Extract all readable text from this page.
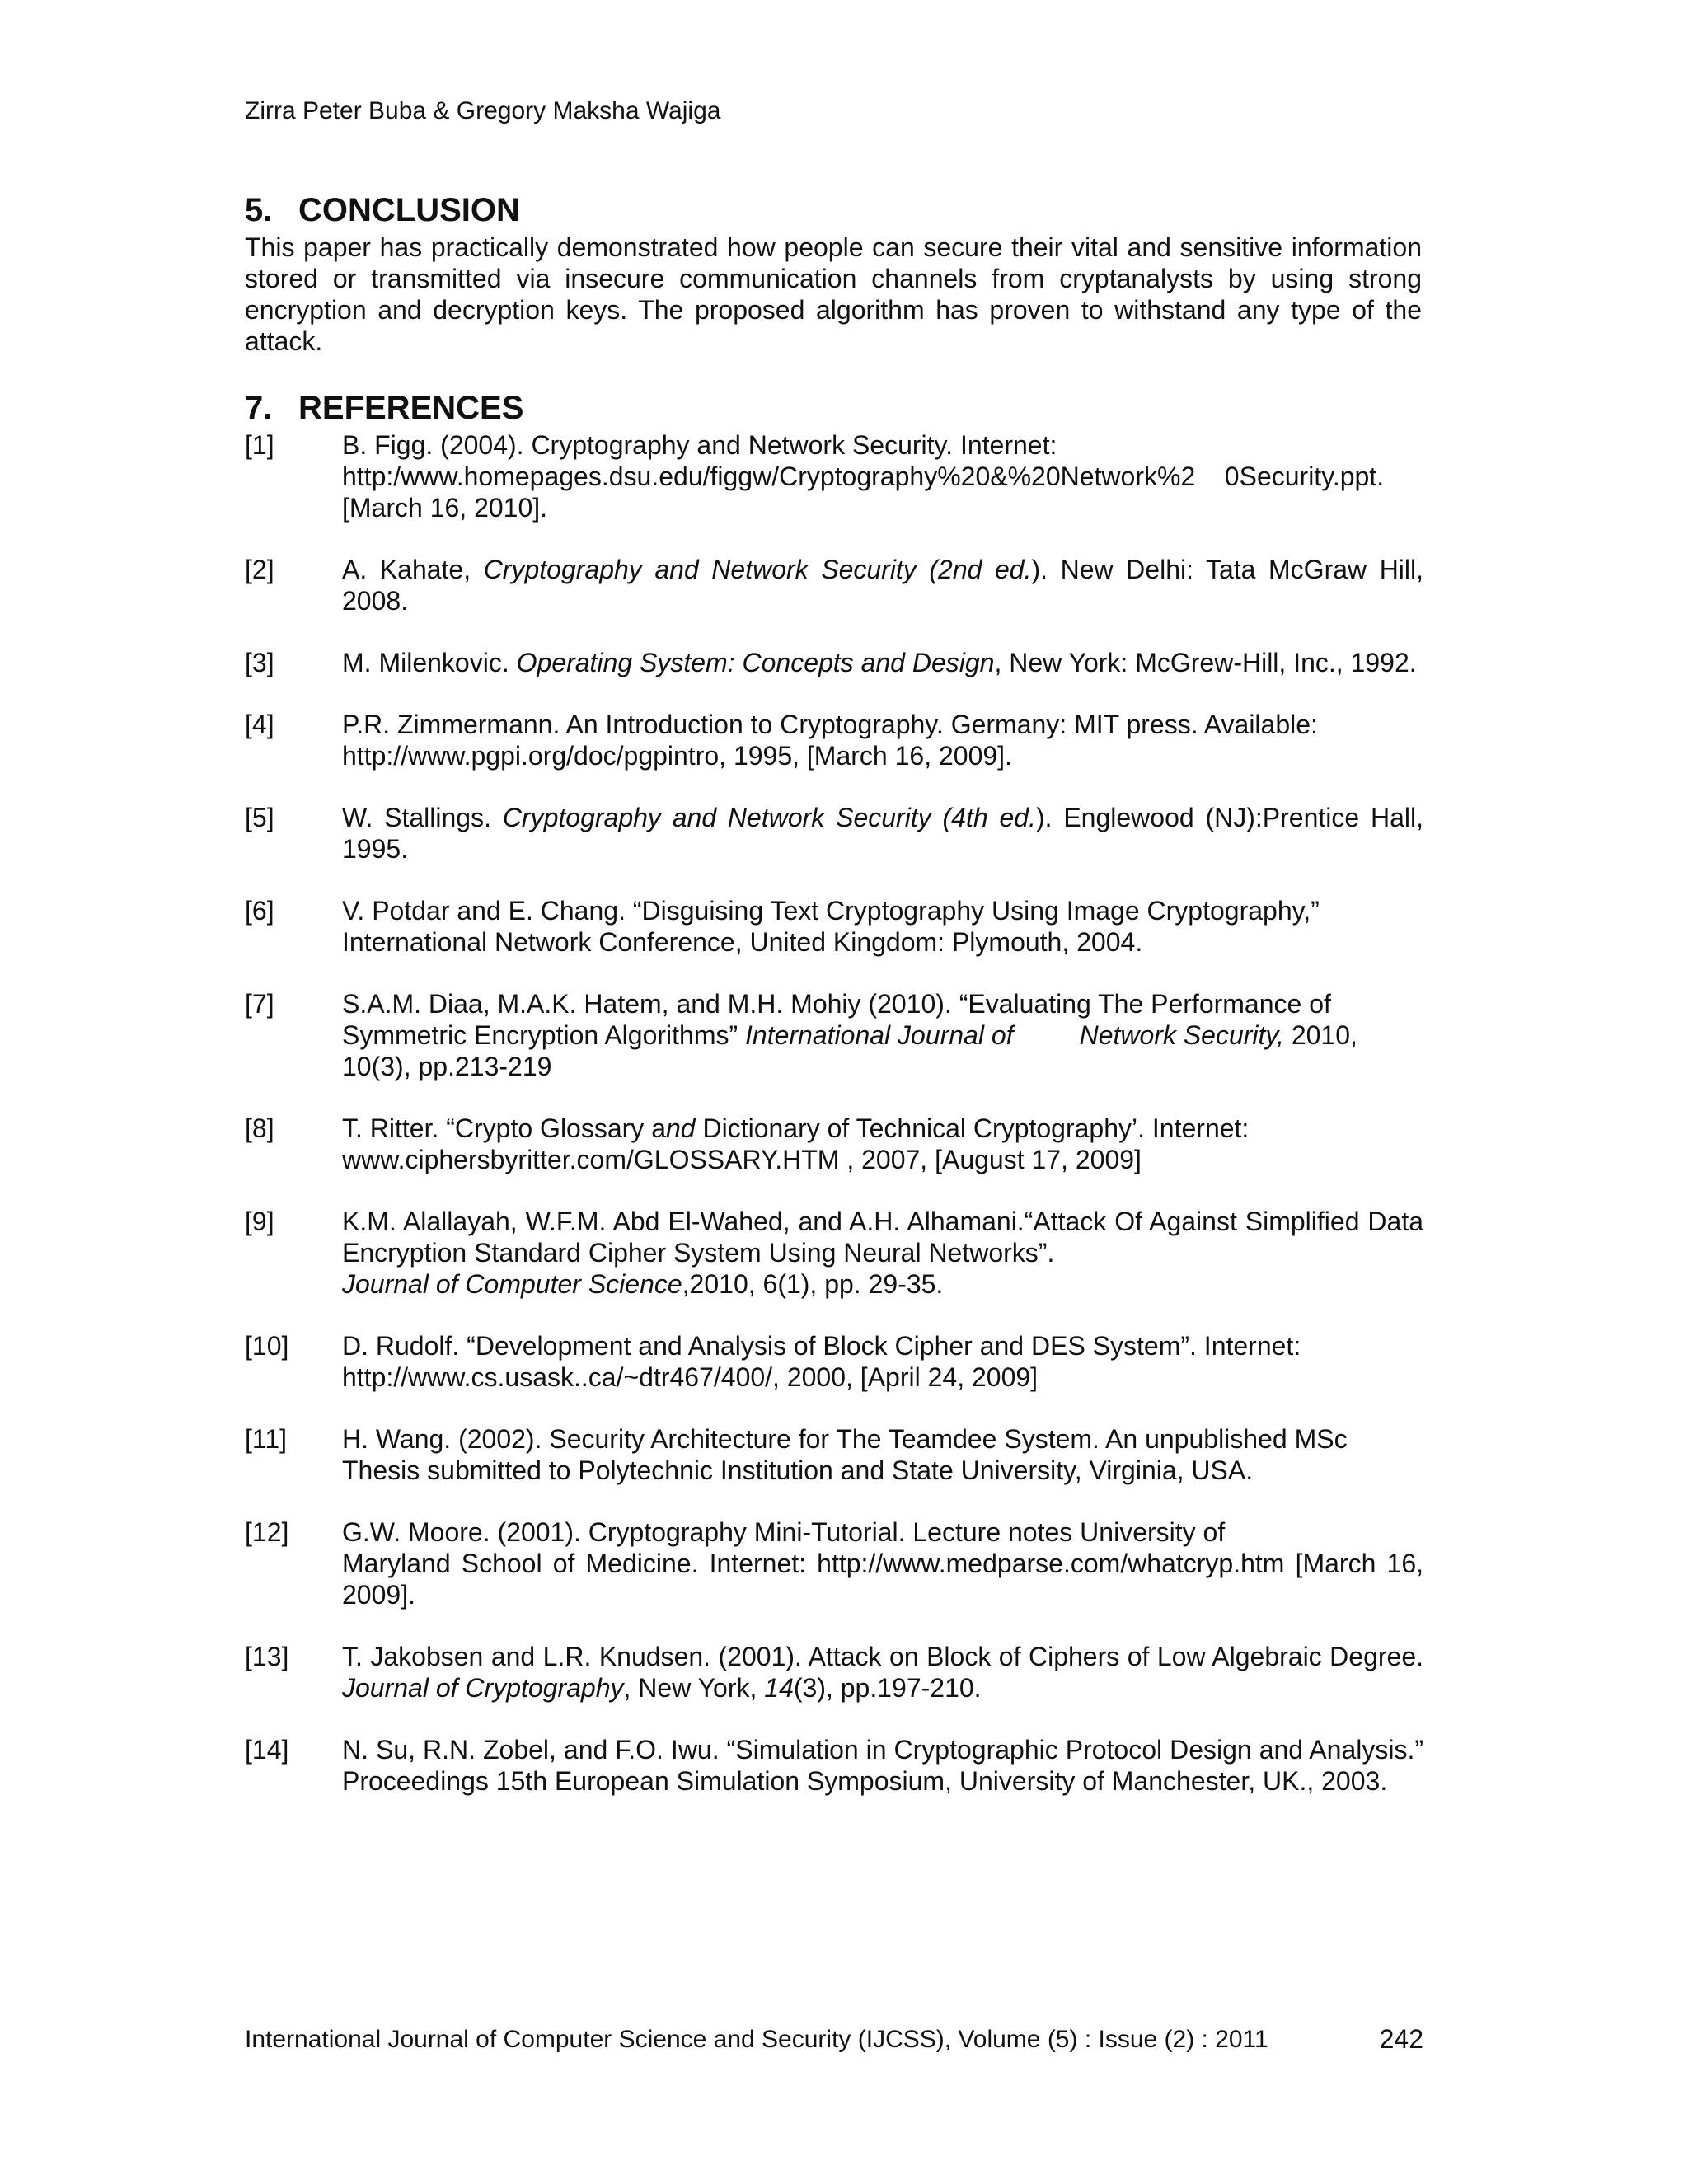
Zirra Peter Buba & Gregory Maksha Wajiga
5. CONCLUSION

This paper has practically demonstrated how people can secure their vital and sensitive information stored or transmitted via insecure communication channels from cryptanalysts by using strong encryption and decryption keys. The proposed algorithm has proven to withstand any type of the attack.

7. REFERENCES
[1]	B. Figg. (2004). Cryptography and Network Security. Internet:
http:/www.homepages.dsu.edu/figgw/Cryptography%20&%20Network%2    0Security.ppt.
[March 16, 2010].
[2]	A. Kahate, Cryptography and Network Security (2nd ed.). New Delhi: Tata McGraw Hill, 2008.
[3]	M. Milenkovic. Operating System: Concepts and Design, New York: McGrew-Hill, Inc., 1992.
[4]	P.R. Zimmermann. An Introduction to Cryptography. Germany: MIT press. Available:
http://www.pgpi.org/doc/pgpintro, 1995, [March 16, 2009].
[5]	W. Stallings. Cryptography and Network Security (4th ed.). Englewood (NJ):Prentice Hall, 1995.
[6]	V. Potdar and E. Chang. “Disguising Text Cryptography Using Image Cryptography,”
International Network Conference, United Kingdom: Plymouth, 2004.
[7]	S.A.M. Diaa, M.A.K. Hatem, and M.H. Mohiy (2010). “Evaluating The Performance of
Symmetric Encryption Algorithms” International Journal of         Network Security, 2010, 10(3), pp.213-219
[8]	T. Ritter. “Crypto Glossary and Dictionary of Technical Cryptography’. Internet:
www.ciphersbyritter.com/GLOSSARY.HTM , 2007, [August 17, 2009]
[9]	K.M. Alallayah, W.F.M. Abd El-Wahed, and A.H. Alhamani.“Attack Of Against Simplified Data Encryption Standard Cipher System Using Neural Networks”.
Journal of Computer Science,2010, 6(1), pp. 29-35.
[10] D. Rudolf. “Development and Analysis of Block Cipher and DES System”. Internet:
http://www.cs.usask..ca/~dtr467/400/, 2000, [April 24, 2009]
[11] H. Wang. (2002). Security Architecture for The Teamdee System. An unpublished MSc
Thesis submitted to Polytechnic Institution and State University, Virginia, USA.
[12] G.W. Moore. (2001). Cryptography Mini-Tutorial. Lecture notes University of

Maryland School of Medicine. Internet: http://www.medparse.com/whatcryp.htm [March 16, 2009].
[13] T. Jakobsen and L.R. Knudsen. (2001). Attack on Block of Ciphers of Low Algebraic Degree. Journal of Cryptography, New York, 14(3), pp.197-210.
[14] N. Su, R.N. Zobel, and F.O. Iwu. “Simulation in Cryptographic Protocol Design and Analysis.” Proceedings 15th European Simulation Symposium, University of Manchester, UK., 2003.
International Journal of Computer Science and Security (IJCSS), Volume (5) : Issue (2) : 2011	242
